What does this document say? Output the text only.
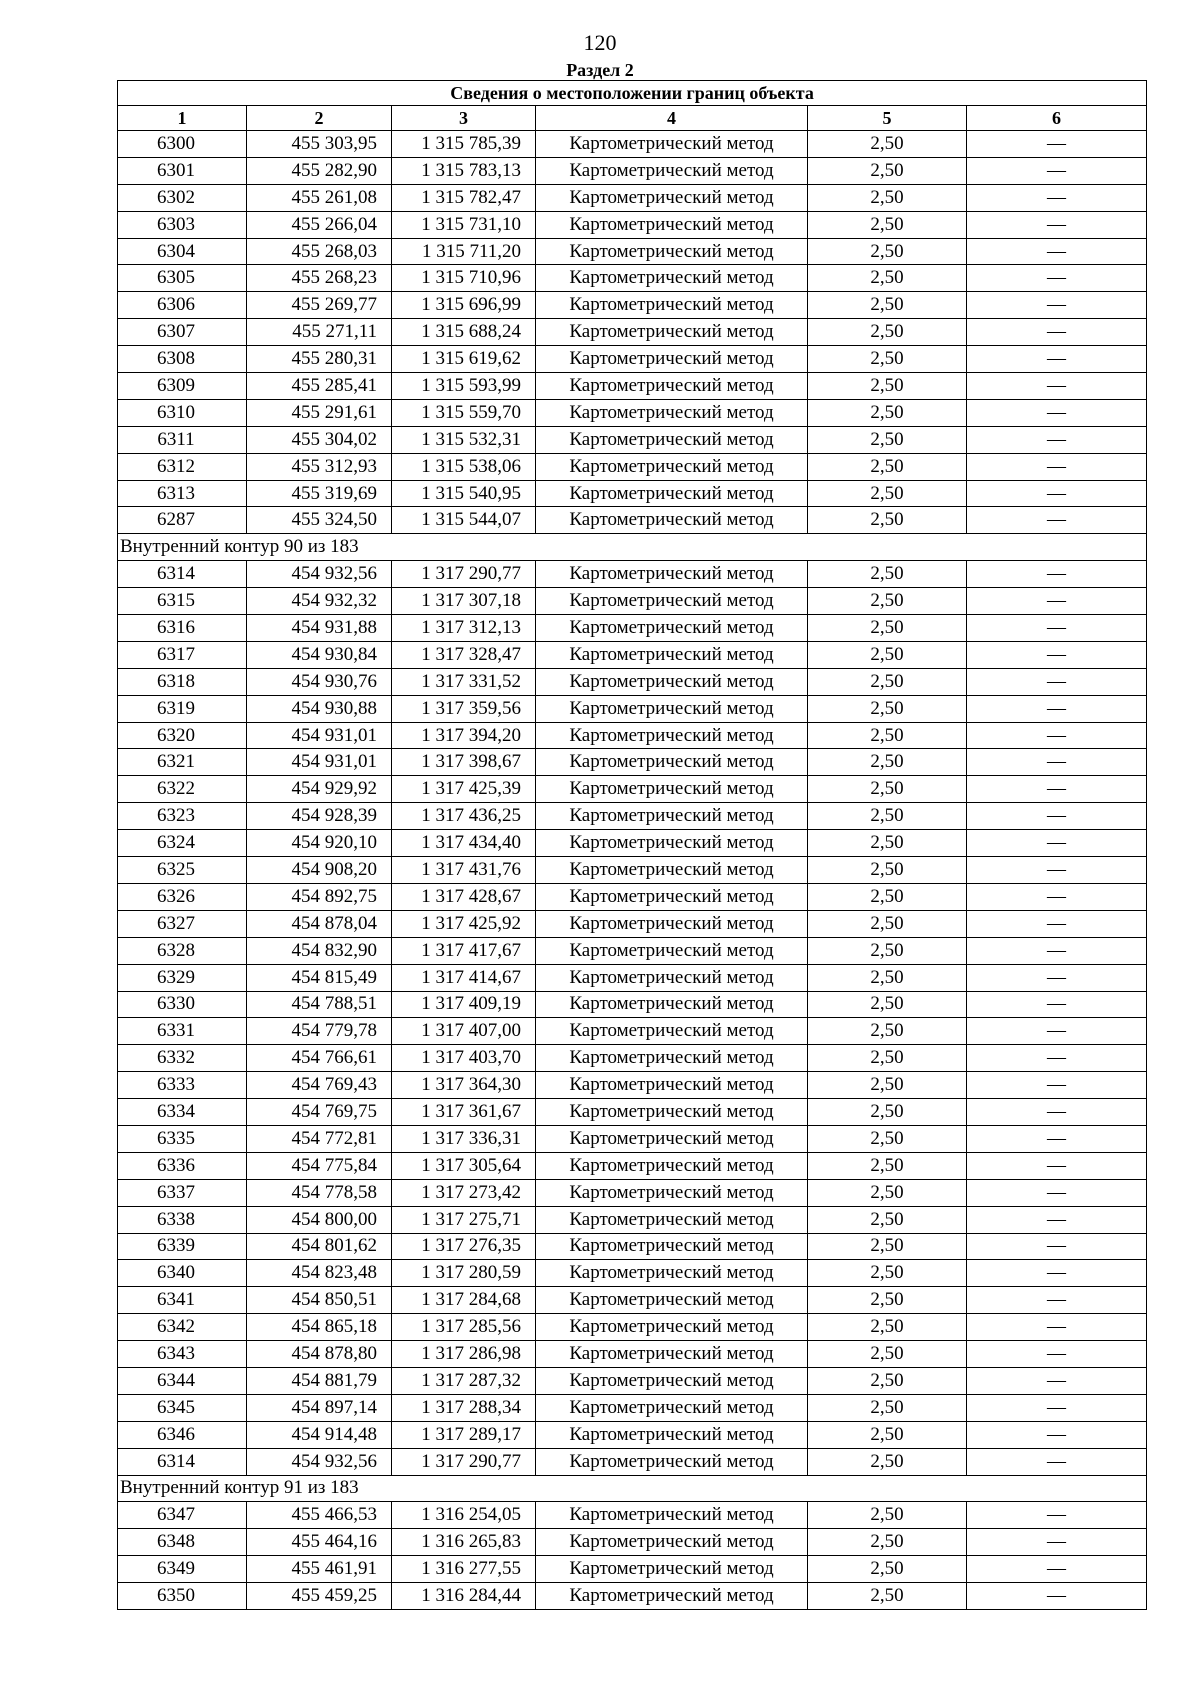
120
Раздел 2
Сведения о местоположении границ объекта					
1	2	3	4	5	6
6300	455 303,95	1 315 785,39	Картометрический метод	2,50	—
6301	455 282,90	1 315 783,13	Картометрический метод	2,50	—
6302	455 261,08	1 315 782,47	Картометрический метод	2,50	—
6303	455 266,04	1 315 731,10	Картометрический метод	2,50	—
6304	455 268,03	1 315 711,20	Картометрический метод	2,50	—
6305	455 268,23	1 315 710,96	Картометрический метод	2,50	—
6306	455 269,77	1 315 696,99	Картометрический метод	2,50	—
6307	455 271,11	1 315 688,24	Картометрический метод	2,50	—
6308	455 280,31	1 315 619,62	Картометрический метод	2,50	—
6309	455 285,41	1 315 593,99	Картометрический метод	2,50	—
6310	455 291,61	1 315 559,70	Картометрический метод	2,50	—
6311	455 304,02	1 315 532,31	Картометрический метод	2,50	—
6312	455 312,93	1 315 538,06	Картометрический метод	2,50	—
6313	455 319,69	1 315 540,95	Картометрический метод	2,50	—
6287	455 324,50	1 315 544,07	Картометрический метод	2,50	—
Внутренний контур 90 из 183					
6314	454 932,56	1 317 290,77	Картометрический метод	2,50	—
6315	454 932,32	1 317 307,18	Картометрический метод	2,50	—
6316	454 931,88	1 317 312,13	Картометрический метод	2,50	—
6317	454 930,84	1 317 328,47	Картометрический метод	2,50	—
6318	454 930,76	1 317 331,52	Картометрический метод	2,50	—
6319	454 930,88	1 317 359,56	Картометрический метод	2,50	—
6320	454 931,01	1 317 394,20	Картометрический метод	2,50	—
6321	454 931,01	1 317 398,67	Картометрический метод	2,50	—
6322	454 929,92	1 317 425,39	Картометрический метод	2,50	—
6323	454 928,39	1 317 436,25	Картометрический метод	2,50	—
6324	454 920,10	1 317 434,40	Картометрический метод	2,50	—
6325	454 908,20	1 317 431,76	Картометрический метод	2,50	—
6326	454 892,75	1 317 428,67	Картометрический метод	2,50	—
6327	454 878,04	1 317 425,92	Картометрический метод	2,50	—
6328	454 832,90	1 317 417,67	Картометрический метод	2,50	—
6329	454 815,49	1 317 414,67	Картометрический метод	2,50	—
6330	454 788,51	1 317 409,19	Картометрический метод	2,50	—
6331	454 779,78	1 317 407,00	Картометрический метод	2,50	—
6332	454 766,61	1 317 403,70	Картометрический метод	2,50	—
6333	454 769,43	1 317 364,30	Картометрический метод	2,50	—
6334	454 769,75	1 317 361,67	Картометрический метод	2,50	—
6335	454 772,81	1 317 336,31	Картометрический метод	2,50	—
6336	454 775,84	1 317 305,64	Картометрический метод	2,50	—
6337	454 778,58	1 317 273,42	Картометрический метод	2,50	—
6338	454 800,00	1 317 275,71	Картометрический метод	2,50	—
6339	454 801,62	1 317 276,35	Картометрический метод	2,50	—
6340	454 823,48	1 317 280,59	Картометрический метод	2,50	—
6341	454 850,51	1 317 284,68	Картометрический метод	2,50	—
6342	454 865,18	1 317 285,56	Картометрический метод	2,50	—
6343	454 878,80	1 317 286,98	Картометрический метод	2,50	—
6344	454 881,79	1 317 287,32	Картометрический метод	2,50	—
6345	454 897,14	1 317 288,34	Картометрический метод	2,50	—
6346	454 914,48	1 317 289,17	Картометрический метод	2,50	—
6314	454 932,56	1 317 290,77	Картометрический метод	2,50	—
Внутренний контур 91 из 183					
6347	455 466,53	1 316 254,05	Картометрический метод	2,50	—
6348	455 464,16	1 316 265,83	Картометрический метод	2,50	—
6349	455 461,91	1 316 277,55	Картометрический метод	2,50	—
6350	455 459,25	1 316 284,44	Картометрический метод	2,50	—
